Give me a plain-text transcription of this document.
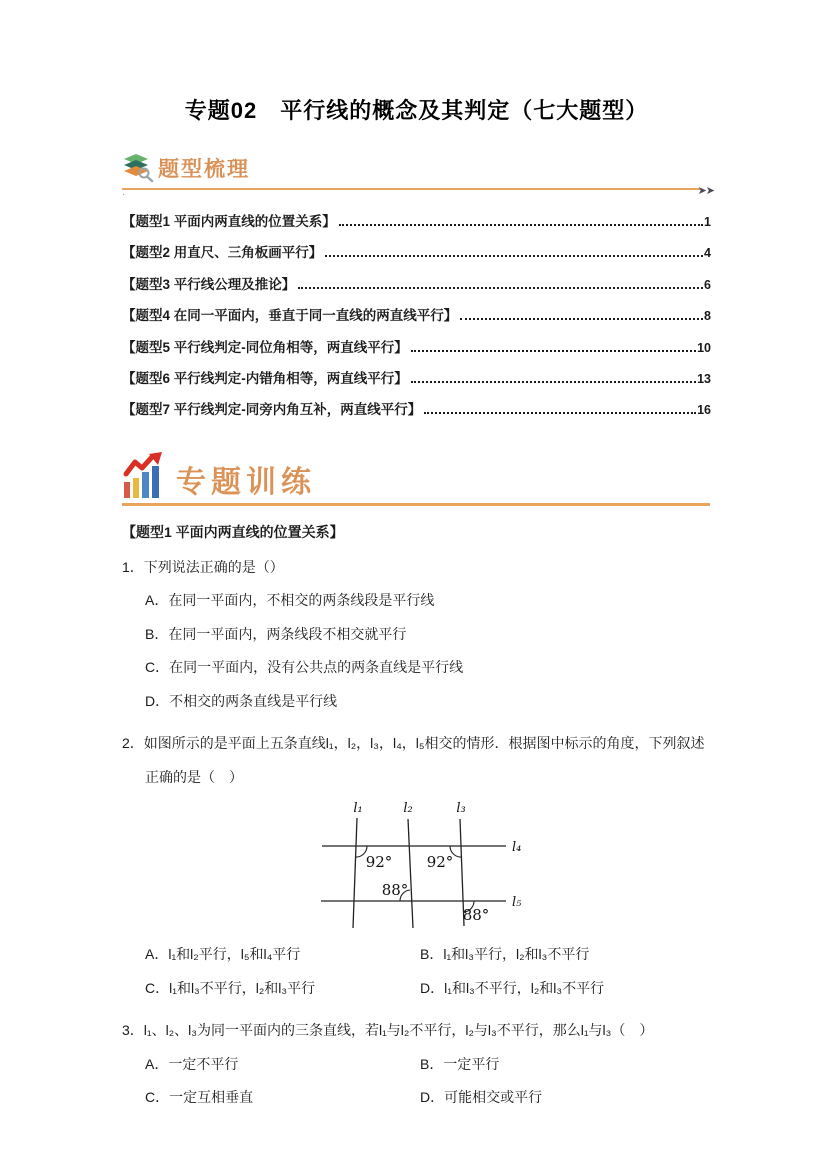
专题02　平行线的概念及其判定（七大题型）
题型梳理
➤➤
·
【题型1 平面内两直线的位置关系】	1
【题型2 用直尺、三角板画平行】	4
【题型3 平行线公理及推论】	6
【题型4 在同一平面内，垂直于同一直线的两直线平行】	8
【题型5 平行线判定-同位角相等，两直线平行】	10
【题型6 平行线判定-内错角相等，两直线平行】	13
【题型7 平行线判定-同旁内角互补，两直线平行】	16
专题训练
【题型1 平面内两直线的位置关系】
1．下列说法正确的是（）
A．在同一平面内，不相交的两条线段是平行线
B．在同一平面内，两条线段不相交就平行
C．在同一平面内，没有公共点的两条直线是平行线
D．不相交的两条直线是平行线
2．如图所示的是平面上五条直线l₁，l₂，l₃，l₄，l₅相交的情形．根据图中标示的角度，下列叙述正确的是（　）
l₁	l₂	l₃
l₄
l₅
92° 92°
88°
88°
A．l₁和l₂平行，l₅和l₄平行	B．l₁和l₃平行，l₂和l₃不平行
C．l₁和l₃不平行，l₂和l₃平行	D．l₁和l₃不平行，l₂和l₃不平行
3．l₁、l₂、l₃为同一平面内的三条直线，若l₁与l₂不平行，l₂与l₃不平行，那么l₁与l₃（　）
A．一定不平行	B．一定平行
C．一定互相垂直	D．可能相交或平行
